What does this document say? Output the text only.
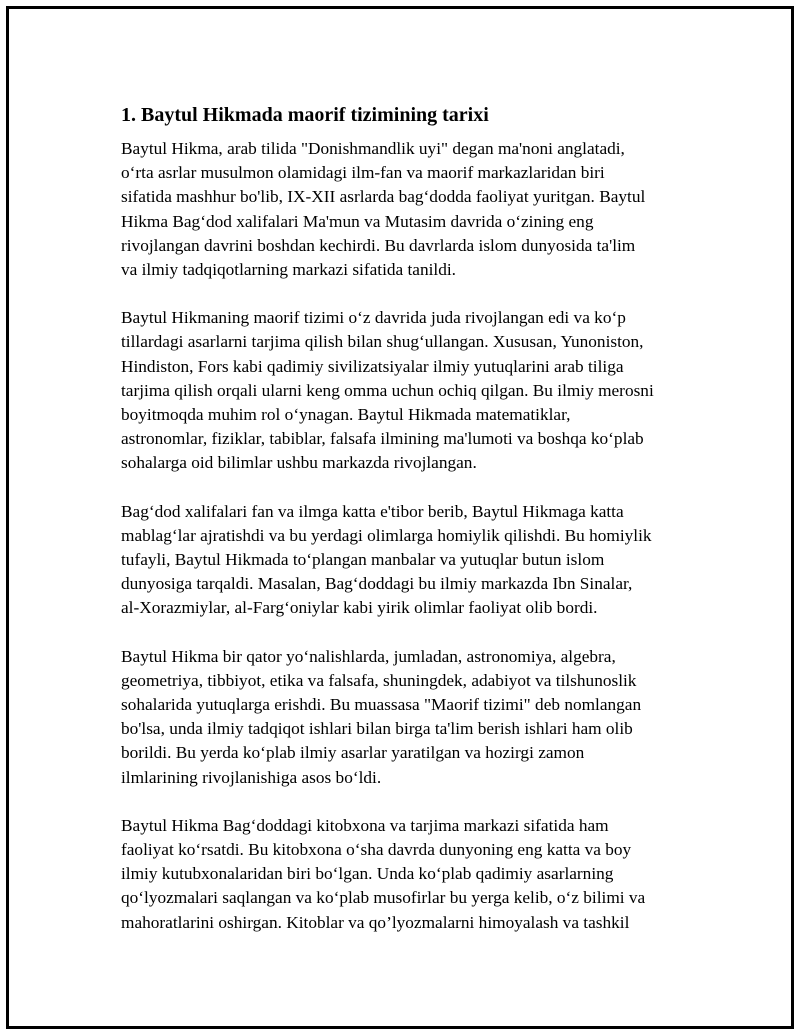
1. Baytul Hikmada maorif tizimining tarixi

Baytul Hikma, arab tilida "Donishmandlik uyi" degan ma'noni anglatadi,
o‘rta asrlar musulmon olamidagi ilm-fan va maorif markazlaridan biri
sifatida mashhur bo'lib, IX-XII asrlarda bag‘dodda faoliyat yuritgan. Baytul
Hikma Bag‘dod xalifalari Ma'mun va Mutasim davrida o‘zining eng
rivojlangan davrini boshdan kechirdi. Bu davrlarda islom dunyosida ta'lim
va ilmiy tadqiqotlarning markazi sifatida tanildi.

Baytul Hikmaning maorif tizimi o‘z davrida juda rivojlangan edi va ko‘p
tillardagi asarlarni tarjima qilish bilan shug‘ullangan. Xususan, Yunoniston,
Hindiston, Fors kabi qadimiy sivilizatsiyalar ilmiy yutuqlarini arab tiliga
tarjima qilish orqali ularni keng omma uchun ochiq qilgan. Bu ilmiy merosni
boyitmoqda muhim rol o‘ynagan. Baytul Hikmada matematiklar,
astronomlar, fiziklar, tabiblar, falsafa ilmining ma'lumoti va boshqa ko‘plab
sohalarga oid bilimlar ushbu markazda rivojlangan.

Bag‘dod xalifalari fan va ilmga katta e'tibor berib, Baytul Hikmaga katta
mablag‘lar ajratishdi va bu yerdagi olimlarga homiylik qilishdi. Bu homiylik
tufayli, Baytul Hikmada to‘plangan manbalar va yutuqlar butun islom
dunyosiga tarqaldi. Masalan, Bag‘doddagi bu ilmiy markazda Ibn Sinalar,
al-Xorazmiylar, al-Farg‘oniylar kabi yirik olimlar faoliyat olib bordi.

Baytul Hikma bir qator yo‘nalishlarda, jumladan, astronomiya, algebra,
geometriya, tibbiyot, etika va falsafa, shuningdek, adabiyot va tilshunoslik
sohalarida yutuqlarga erishdi. Bu muassasa "Maorif tizimi" deb nomlangan
bo'lsa, unda ilmiy tadqiqot ishlari bilan birga ta'lim berish ishlari ham olib
borildi. Bu yerda ko‘plab ilmiy asarlar yaratilgan va hozirgi zamon
ilmlarining rivojlanishiga asos bo‘ldi.

Baytul Hikma Bag‘doddagi kitobxona va tarjima markazi sifatida ham
faoliyat ko‘rsatdi. Bu kitobxona o‘sha davrda dunyoning eng katta va boy
ilmiy kutubxonalaridan biri bo‘lgan. Unda ko‘plab qadimiy asarlarning
qo‘lyozmalari saqlangan va ko‘plab musofirlar bu yerga kelib, o‘z bilimi va
mahoratlarini oshirgan. Kitoblar va qo’lyozmalarni himoyalash va tashkil
